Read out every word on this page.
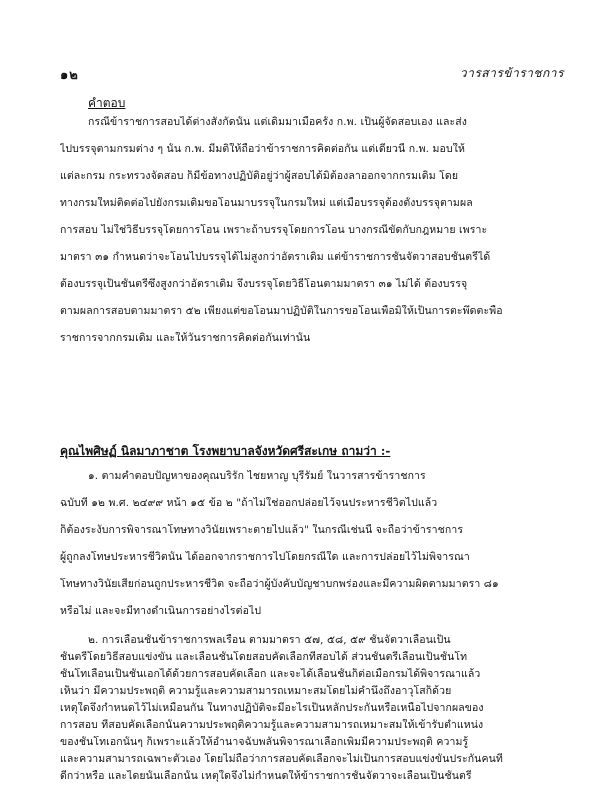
๑๒	วารสารข้าราชการ
คำตอบ
กรณีข้าราชการสอบได้ต่างสังกัดนั้น แต่เดิมมาเมื่อครั้ง ก.พ. เป็นผู้จัดสอบเอง และส่ง
ไปบรรจุตามกรมต่าง ๆ นั้น ก.พ. มีมติให้ถือว่าข้าราชการคิดต่อกัน แต่เดี๋ยวนี้ ก.พ. มอบให้
แต่ละกรม กระทรวงจัดสอบ ก็มีข้อทางปฏิบัติอยู่ว่าผู้สอบได้มิต้องลาออกจากกรมเดิม โดย
ทางกรมใหม่ติดต่อไปยังกรมเดิมขอโอนมาบรรจุในกรมใหม่ แต่เมื่อบรรจุต้องตั้งบรรจุตามผล
การสอบ ไม่ใช่วิธีบรรจุโดยการโอน เพราะถ้าบรรจุโดยการโอน บางกรณีขัดกับกฎหมาย เพราะ
มาตรา ๓๑ กำหนดว่าจะโอนไปบรรจุได้ไม่สูงกว่าอัตราเดิม แต่ข้าราชการชั้นจัตวาสอบชั้นตรีได้
ต้องบรรจุเป็นชั้นตรีซึ่งสูงกว่าอัตราเดิม จึงบรรจุโดยวิธีโอนตามมาตรา ๓๑ ไม่ได้ ต้องบรรจุ
ตามผลการสอบตามมาตรา ๕๒ เพียงแต่ขอโอนมาปฏิบัติในการขอโอนเพื่อมิให้เป็นการตะพึดตะพือ
ราชการจากกรมเดิม และให้วันราชการคิดต่อกันเท่านั้น
คุณไพศิษฏ์ นิลมาภาชาต โรงพยาบาลจังหวัดศรีสะเกษ ถามว่า :-
๑. ตามคำตอบปัญหาของคุณบริรัก ไชยหาญ บุรีรัมย์ ในวารสารข้าราชการ
ฉบับที่ ๑๒ พ.ศ. ๒๔๙๙ หน้า ๑๕ ข้อ ๒ "ถ้าไม่ใช่ออกปล่อยไว้จนประหารชีวิตไปแล้ว
ก็ต้องระงับการพิจารณาโทษทางวินัยเพราะตายไปแล้ว" ในกรณีเช่นนี้ จะถือว่าข้าราชการ
ผู้ถูกลงโทษประหารชีวิตนั้น ได้ออกจากราชการไปโดยกรณีใด และการปล่อยไว้ไม่พิจารณา
โทษทางวินัยเสียก่อนถูกประหารชีวิต จะถือว่าผู้บังคับบัญชาบกพร่องและมีความผิดตามมาตรา ๘๑
หรือไม่ และจะมีทางดำเนินการอย่างไรต่อไป
๒. การเลื่อนชั้นข้าราชการพลเรือน ตามมาตรา ๕๗, ๕๘, ๕๙ ชั้นจัตวาเลื่อนเป็น
ชั้นตรีโดยวิธีสอบแข่งขัน และเลื่อนชั้นโดยสอบคัดเลือกที่สอบได้ ส่วนชั้นตรีเลื่อนเป็นชั้นโท
ชั้นโทเลื่อนเป็นชั้นเอกได้ด้วยการสอบคัดเลือก และจะได้เลื่อนชั้นก็ต่อเมื่อกรมได้พิจารณาแล้ว
เห็นว่า มีความประพฤติ ความรู้และความสามารถเหมาะสมโดยไม่คำนึงถึงอาวุโสก็ด้วย
เหตุใดจึงกำหนดไว้ไม่เหมือนกัน ในทางปฏิบัติจะมีอะไรเป็นหลักประกันหรือเหนือไปจากผลของ
การสอบ ที่สอบคัดเลือกนั้นความประพฤติความรู้และความสามารถเหมาะสมให้เข้ารับตำแหน่ง
ของชั้นโทเอกนั้นๆ ก็เพราะแล้วให้อำนาจฉับพลันพิจารณาเลือกเพิ่มมีความประพฤติ ความรู้
และความสามารถเฉพาะตัวเอง โดยไม่ถือว่าการสอบคัดเลือกจะไม่เป็นการสอบแข่งขันประกันคนที่
ดีกว่าหรือ และไดยนั้นเลือกนั้น เหตุใดจึงไม่กำหนดให้ข้าราชการชั้นจัตวาจะเลื่อนเป็นชั้นตรี
